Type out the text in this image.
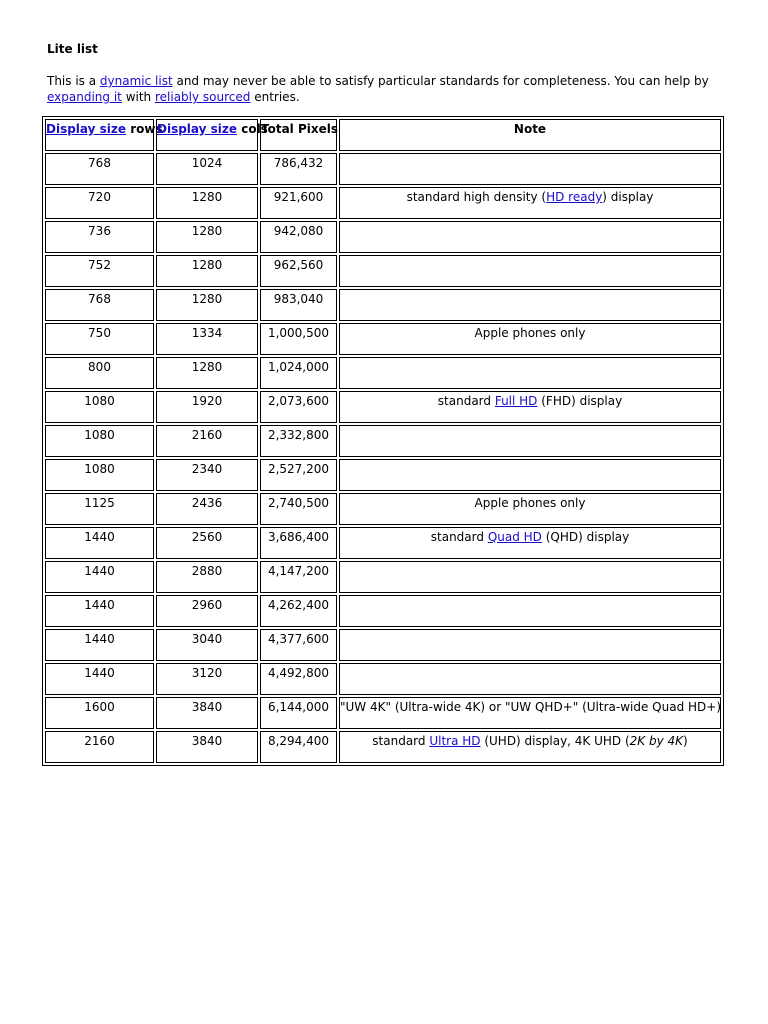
Lite list

This is a dynamic list and may never be able to satisfy particular standards for completeness. You can help by expanding it with reliably sourced entries.

Display size rows	Display size cols	Total Pixels	Note
768	1024	786,432	
720	1280	921,600	standard high density (HD ready) display
736	1280	942,080	
752	1280	962,560	
768	1280	983,040	
750	1334	1,000,500	Apple phones only
800	1280	1,024,000	
1080	1920	2,073,600	standard Full HD (FHD) display
1080	2160	2,332,800	
1080	2340	2,527,200	
1125	2436	2,740,500	Apple phones only
1440	2560	3,686,400	standard Quad HD (QHD) display
1440	2880	4,147,200	
1440	2960	4,262,400	
1440	3040	4,377,600	
1440	3120	4,492,800	
1600	3840	6,144,000	"UW 4K" (Ultra-wide 4K) or "UW QHD+" (Ultra-wide Quad HD+)
2160	3840	8,294,400	standard Ultra HD (UHD) display, 4K UHD (2K by 4K)
